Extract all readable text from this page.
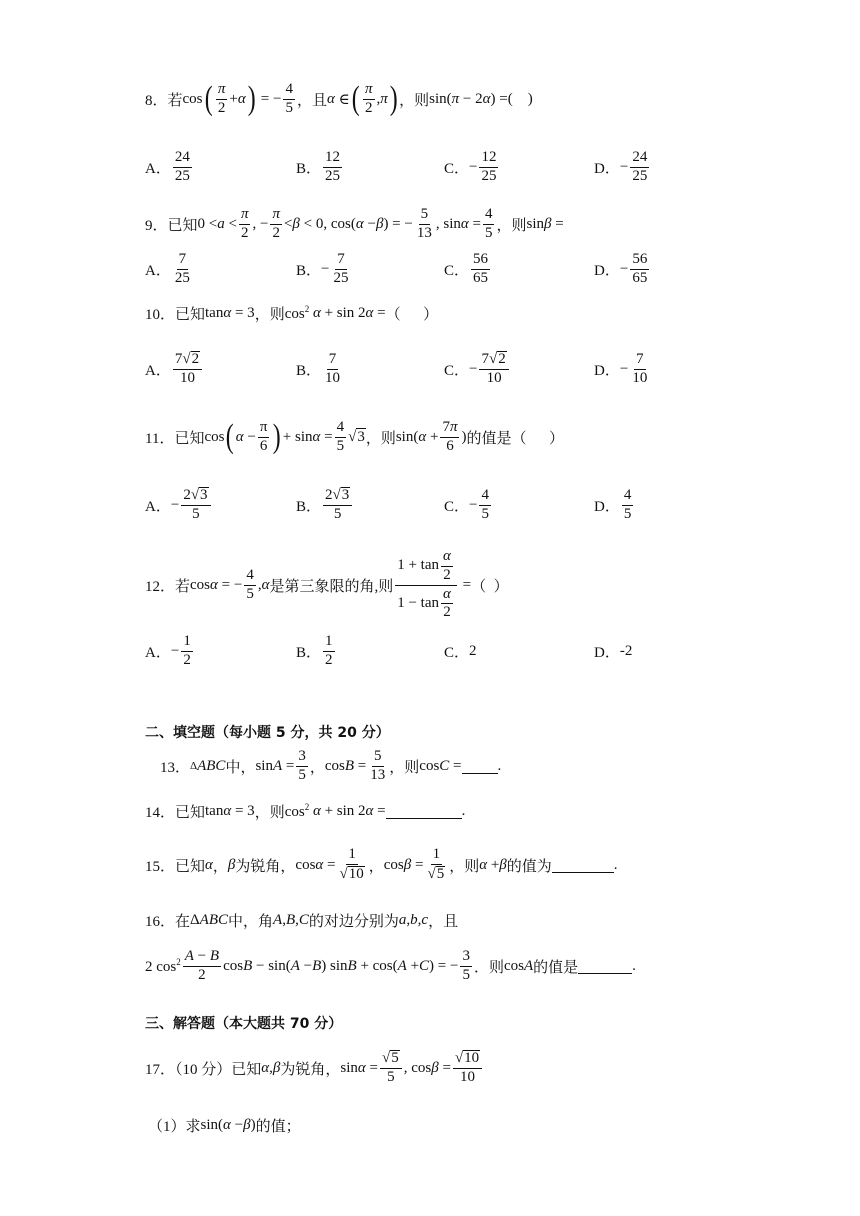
8．若 cos ( $\frac{\pi}{2} + \alpha$ ) = − $\frac{4}{5}$ ，且 α ∈ ( $\frac{\pi}{2}$ , π ) ，则 sin( π − 2 α ) = (    )
A． $\frac{24}{25}$	B． $\frac{12}{25}$	C． − $\frac{12}{25}$	D． − $\frac{24}{25}$
9．已知 $0 < a < \frac{\pi}{2}$ , − $\frac{\pi}{2} < \beta < 0$, cos( α − β ) = − $\frac{5}{13}$ , $\sin \alpha = \frac{4}{5}$ ，则 sin β =
A． $\frac{7}{25}$	B． − $\frac{7}{25}$	C． $\frac{56}{65}$	D． − $\frac{56}{65}$
10．已知 tan α = 3 ，则 $\cos^2 \alpha + \sin 2$ α = （      ）
A． $\frac{7 √ 2}{10}$	B． $\frac{7}{10}$	C． − $\frac{7 √ 2}{10}$	D． − $\frac{7}{10}$
11．已知 cos ( $\alpha - \frac{\pi}{6}$ ) + $\sin \alpha = \frac{4}{5}$ √ 3 ，则 sin( $\alpha + \frac{7\pi}{6}$ ) 的值是（      ）
A． − $\frac{2 √ 3}{5}$	B． $\frac{2 √ 3}{5}$	C． − $\frac{4}{5}$	D． $\frac{4}{5}$
12．若 cos α = − $\frac{4}{5}$ , α 是第三象限的角,则 $\frac{1 + \tan \frac{\alpha}{2}}{1 - \tan \frac{\alpha}{2}}$ = （  ）
A． − $\frac{1}{2}$	B． $\frac{1}{2}$	C． 2	D． -2
二、填空题（每小题 5 分，共 20 分）
13． Δ ABC 中， $\sin A = \frac{3}{5}$ ， $\cos B = \frac{5}{13}$ ，则 cos C = .
14．已知 tan α = 3 ，则 $\cos^2 \alpha + \sin 2$ α =	.
15．已知 α ， β 为锐角， $\cos \alpha = \frac{1}{√ 10}$ ， $\cos \beta = \frac{1}{√ 5}$ ，则 α + β 的值为	.
16．在 Δ ABC 中，角 A , B , C 的对边分别为 a , b , c ，且
2 $\cos^2 \frac{A - B}{2}$ cos B − sin( A − B ) sin B + cos( A + C ) = − $\frac{3}{5}$ ．则 cos A 的值是	.
三、解答题（本大题共 70 分）
17．（10 分）已知 α , β 为锐角， $\sin \alpha = \frac{√ 5}{5}$ , $\cos \beta = \frac{√ 10}{10}$
（1）求 sin( α − β ) 的值；
